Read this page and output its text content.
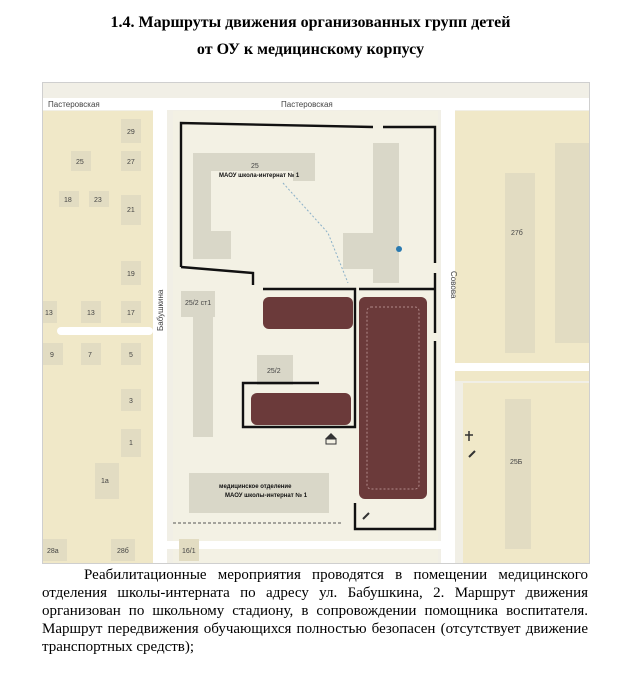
1.4. Маршруты движения организованных групп детей
от ОУ к медицинскому корпусу
Пастеровская	Пастеровская
Бабушкина
Совова
29
25	27
18	23
21
19
13	13	17
9	7	5
3
1
1а
28а	28б	16/1
27б
25Б
25
МАОУ школа-интернат № 1
25/2 ст1
25/2
медицинское отделение
МАОУ школы-интернат № 1
Реабилитационные мероприятия проводятся в помещении медицинского отделения школы-интерната по адресу ул. Бабушкина, 2. Маршрут движения организован по школьному стадиону, в сопровождении помощника воспитателя. Маршрут передвижения обучающихся полностью безопасен (отсутствует движение транспортных средств);
